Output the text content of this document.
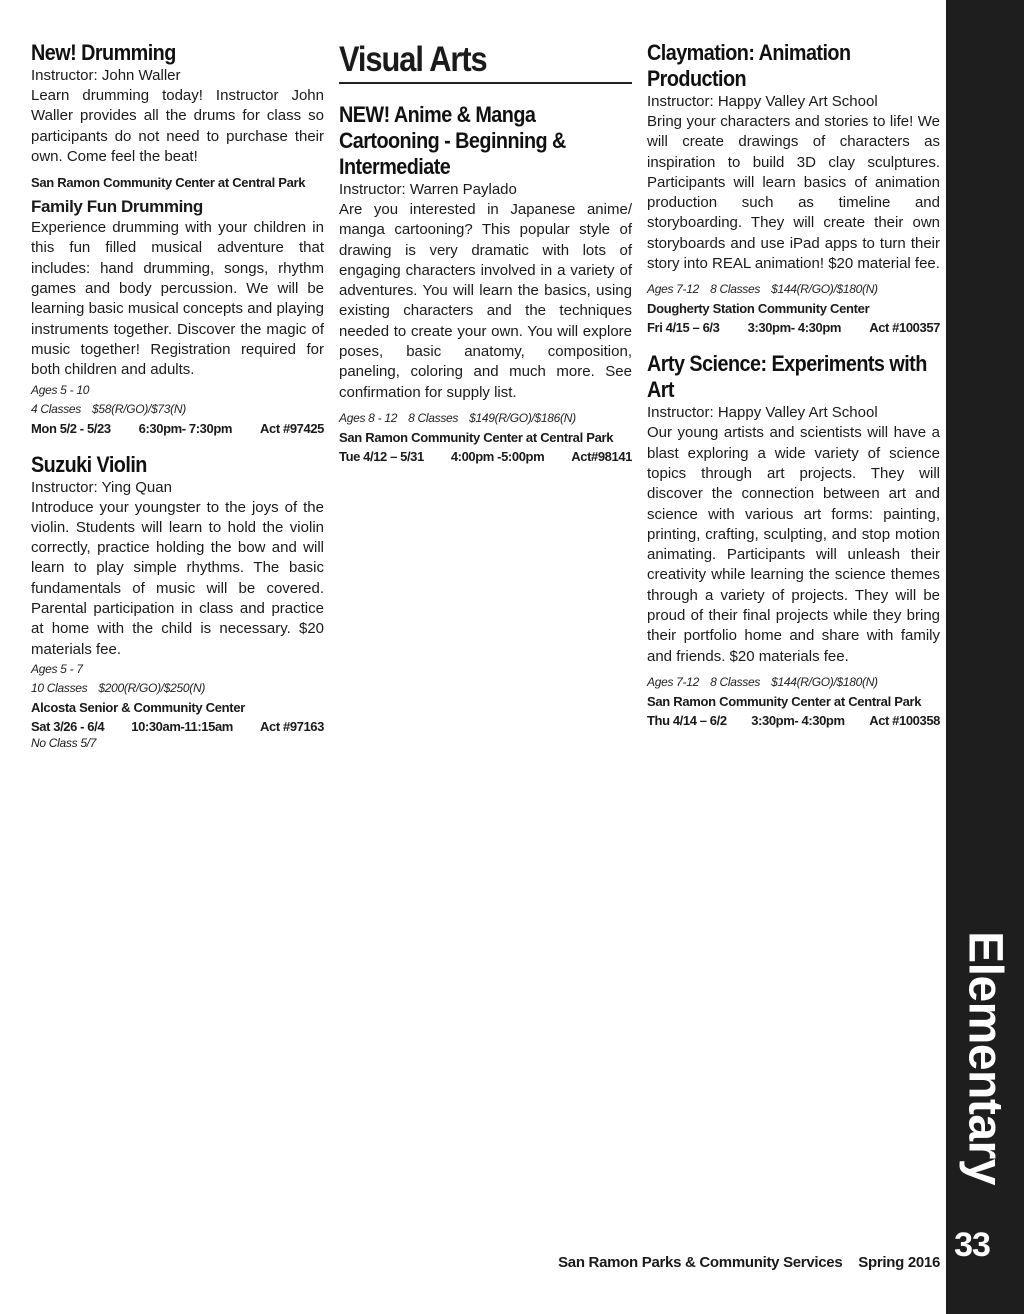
New! Drumming
Instructor: John Waller

Learn drumming today! Instructor John Waller provides all the drums for class so participants do not need to purchase their own. Come feel the beat!

San Ramon Community Center at Central Park
Family Fun Drumming

Experience drumming with your children in this fun filled musical adventure that includes: hand drumming, songs, rhythm games and body percussion. We will be learning basic musical concepts and playing instruments together. Discover the magic of music together! Registration required for both children and adults.

Ages 5 - 10
4 Classes $58(R/GO)/$73(N)
Mon 5/2 - 5/23 6:30pm- 7:30pm Act #97425
Suzuki Violin
Instructor: Ying Quan

Introduce your youngster to the joys of the violin. Students will learn to hold the violin correctly, practice holding the bow and will learn to play simple rhythms. The basic fundamentals of music will be covered. Parental participation in class and practice at home with the child is necessary. $20 materials fee.

Ages 5 - 7
10 Classes $200(R/GO)/$250(N)
Alcosta Senior & Community Center
Sat 3/26 - 6/4 10:30am-11:15am Act #97163
No Class 5/7
Visual Arts
NEW! Anime & Manga Cartooning - Beginning & Intermediate
Instructor: Warren Paylado

Are you interested in Japanese anime/ manga cartooning? This popular style of drawing is very dramatic with lots of engaging characters involved in a variety of adventures. You will learn the basics, using existing characters and the techniques needed to create your own. You will explore poses, basic anatomy, composition, paneling, coloring and much more. See confirmation for supply list.

Ages 8 - 12 8 Classes $149(R/GO)/$186(N)
San Ramon Community Center at Central Park
Tue 4/12 – 5/31 4:00pm -5:00pm Act#98141
Claymation: Animation Production
Instructor: Happy Valley Art School

Bring your characters and stories to life! We will create drawings of characters as inspiration to build 3D clay sculptures. Participants will learn basics of animation production such as timeline and storyboarding. They will create their own storyboards and use iPad apps to turn their story into REAL animation! $20 material fee.

Ages 7-12 8 Classes $144(R/GO)/$180(N)
Dougherty Station Community Center
Fri 4/15 – 6/3 3:30pm- 4:30pm Act #100357
Arty Science: Experiments with Art
Instructor: Happy Valley Art School

Our young artists and scientists will have a blast exploring a wide variety of science topics through art projects. They will discover the connection between art and science with various art forms: painting, printing, crafting, sculpting, and stop motion animating. Participants will unleash their creativity while learning the science themes through a variety of projects. They will be proud of their final projects while they bring their portfolio home and share with family and friends. $20 materials fee.

Ages 7-12 8 Classes $144(R/GO)/$180(N)
San Ramon Community Center at Central Park
Thu 4/14 – 6/2 3:30pm- 4:30pm Act #100358
Elementary
33
San Ramon Parks & Community Services Spring 2016
